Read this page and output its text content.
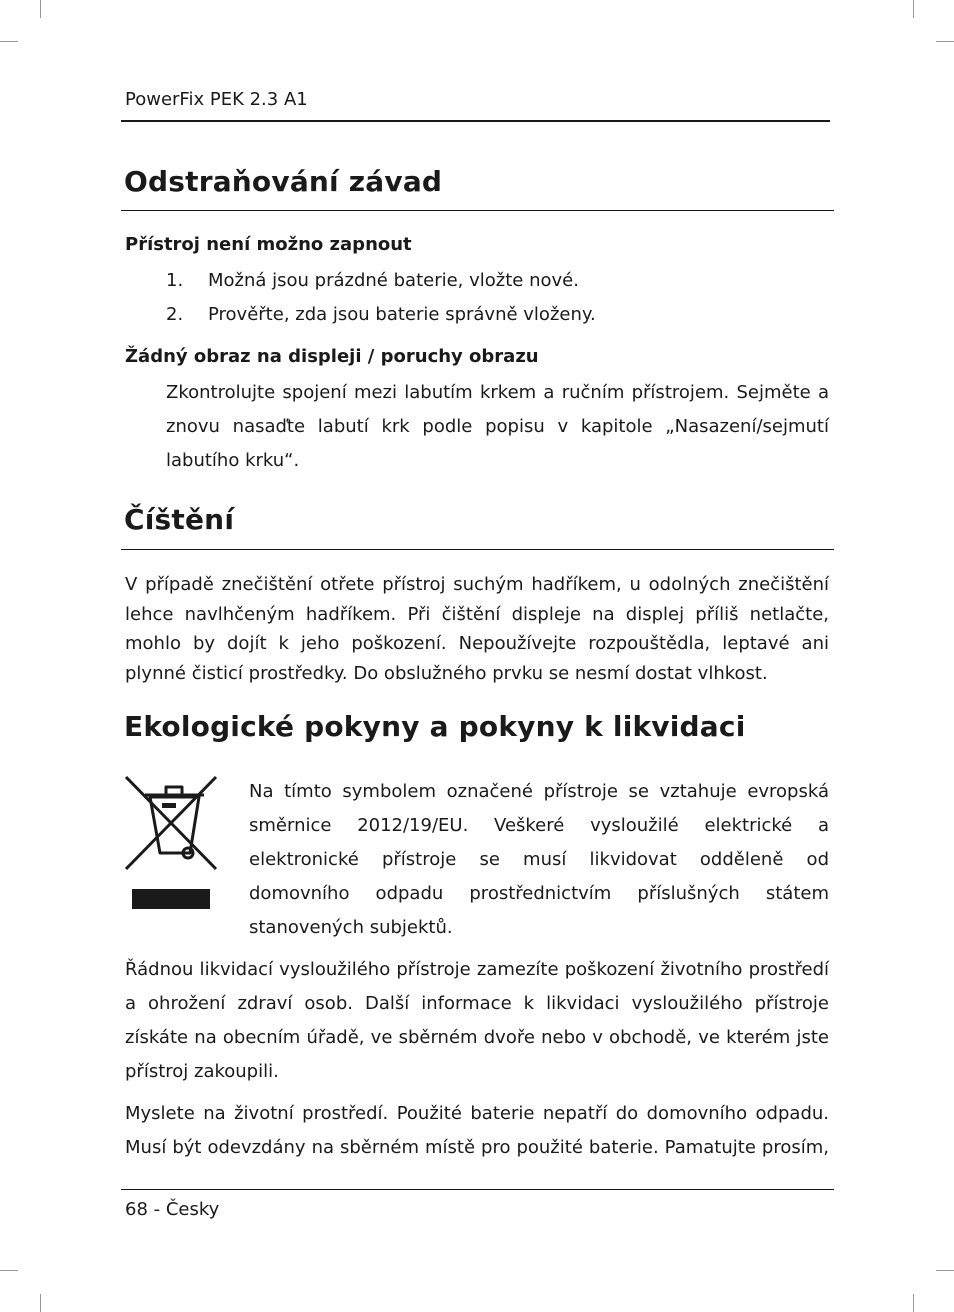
PowerFix PEK 2.3 A1
Odstraňování závad
Přístroj není možno zapnout
1. Možná jsou prázdné baterie, vložte nové.
2. Prověřte, zda jsou baterie správně vloženy.
Žádný obraz na displeji / poruchy obrazu

Zkontrolujte spojení mezi labutím krkem a ručním přístrojem. Sejměte a znovu nasaďte labutí krk podle popisu v kapitole „Nasazení/sejmutí labutího krku“.

Číštění

V případě znečištění otřete přístroj suchým hadříkem, u odolných znečištění lehce navlhčeným hadříkem. Při čištění displeje na displej příliš netlačte, mohlo by dojít k jeho poškození. Nepoužívejte rozpouštědla, leptavé ani plynné čisticí prostředky. Do obslužného prvku se nesmí dostat vlhkost.

Ekologické pokyny a pokyny k likvidaci

Na tímto symbolem označené přístroje se vztahuje evropská směrnice 2012/19/EU. Veškeré vysloužilé elektrické a elektronické přístroje se musí likvidovat odděleně od domovního odpadu prostřednictvím příslušných státem stanovených subjektů.

Řádnou likvidací vysloužilého přístroje zamezíte poškození životního prostředí a ohrožení zdraví osob. Další informace k likvidaci vysloužilého přístroje získáte na obecním úřadě, ve sběrném dvoře nebo v obchodě, ve kterém jste přístroj zakoupili.

Myslete na životní prostředí. Použité baterie nepatří do domovního odpadu. Musí být odevzdány na sběrném místě pro použité baterie. Pamatujte prosím,

68 - Česky
